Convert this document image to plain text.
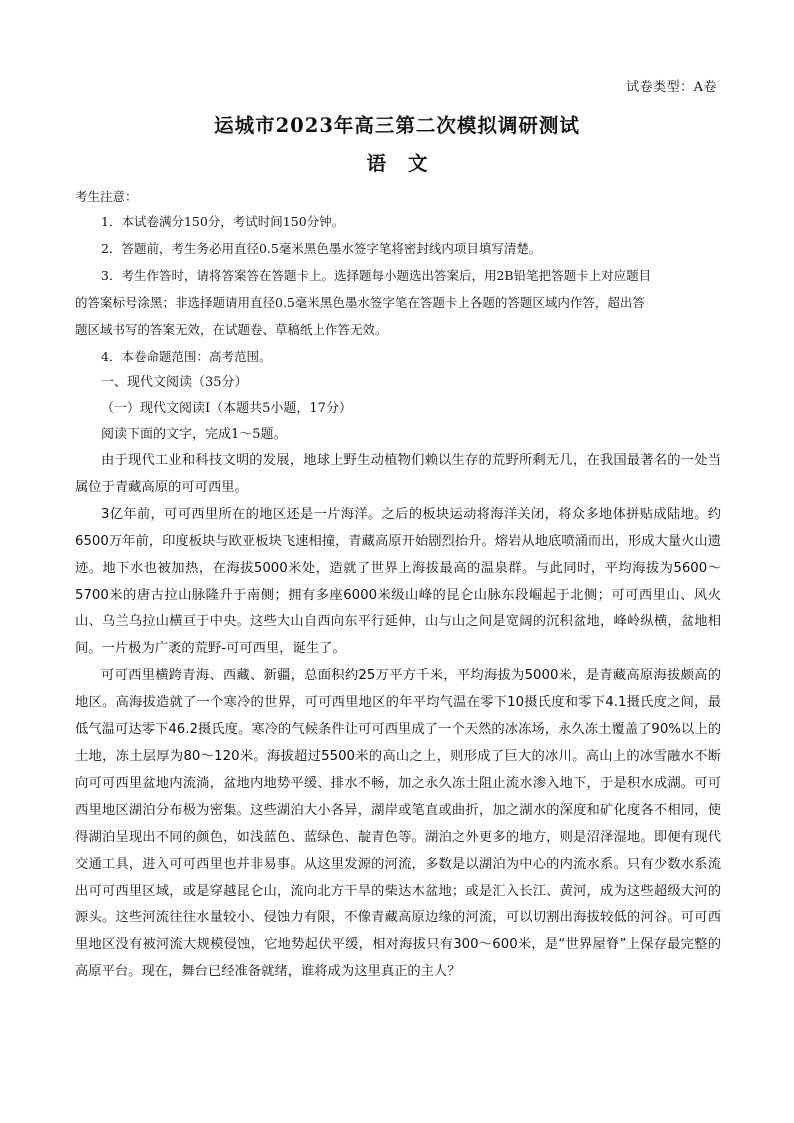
试卷类型：A卷
运城市2023年高三第二次模拟调研测试
语文
考生注意：
1．本试卷满分150分，考试时间150分钟。
2．答题前，考生务必用直径0.5毫米黑色墨水签字笔将密封线内项目填写清楚。
3．考生作答时，请将答案答在答题卡上。选择题每小题选出答案后，用2B铅笔把答题卡上对应题目
的答案标号涂黑；非选择题请用直径0.5毫米黑色墨水签字笔在答题卡上各题的答题区域内作答，超出答
题区域书写的答案无效，在试题卷、草稿纸上作答无效。
4．本卷命题范围：高考范围。
一、现代文阅读（35分）
（一）现代文阅读Ⅰ（本题共5小题，17分）
阅读下面的文字，完成1～5题。

由于现代工业和科技文明的发展，地球上野生动植物们赖以生存的荒野所剩无几，在我国最著名的一处当属位于青藏高原的可可西里。

3亿年前，可可西里所在的地区还是一片海洋。之后的板块运动将海洋关闭，将众多地体拼贴成陆地。约6500万年前，印度板块与欧亚板块飞速相撞，青藏高原开始剧烈抬升。熔岩从地底喷涌而出，形成大量火山遗迹。地下水也被加热，在海拔5000米处，造就了世界上海拔最高的温泉群。与此同时，平均海拔为5600～5700米的唐古拉山脉隆升于南侧；拥有多座6000米级山峰的昆仑山脉东段崛起于北侧；可可西里山、风火山、乌兰乌拉山横亘于中央。这些大山自西向东平行延伸，山与山之间是宽阔的沉积盆地，峰岭纵横，盆地相间。一片极为广袤的荒野-可可西里，诞生了。

可可西里横跨青海、西藏、新疆，总面积约25万平方千米，平均海拔为5000米，是青藏高原海拔颇高的地区。高海拔造就了一个寒冷的世界，可可西里地区的年平均气温在零下10摄氏度和零下4.1摄氏度之间，最低气温可达零下46.2摄氏度。寒冷的气候条件让可可西里成了一个天然的冰冻场，永久冻土覆盖了90%以上的土地，冻土层厚为80～120米。海拔超过5500米的高山之上，则形成了巨大的冰川。高山上的冰雪融水不断向可可西里盆地内流淌，盆地内地势平缓、排水不畅，加之永久冻土阻止流水渗入地下，于是积水成湖。可可西里地区湖泊分布极为密集。这些湖泊大小各异，湖岸或笔直或曲折，加之湖水的深度和矿化度各不相同，使得湖泊呈现出不同的颜色，如浅蓝色、蓝绿色、靛青色等。湖泊之外更多的地方，则是沼泽湿地。即便有现代交通工具，进入可可西里也并非易事。从这里发源的河流，多数是以湖泊为中心的内流水系。只有少数水系流出可可西里区域，或是穿越昆仑山，流向北方干旱的柴达木盆地；或是汇入长江、黄河，成为这些超级大河的源头。这些河流往往水量较小、侵蚀力有限，不像青藏高原边缘的河流，可以切割出海拔较低的河谷。可可西里地区没有被河流大规模侵蚀，它地势起伏平缓，相对海拔只有300～600米，是“世界屋脊”上保存最完整的高原平台。现在，舞台已经准备就绪，谁将成为这里真正的主人？
